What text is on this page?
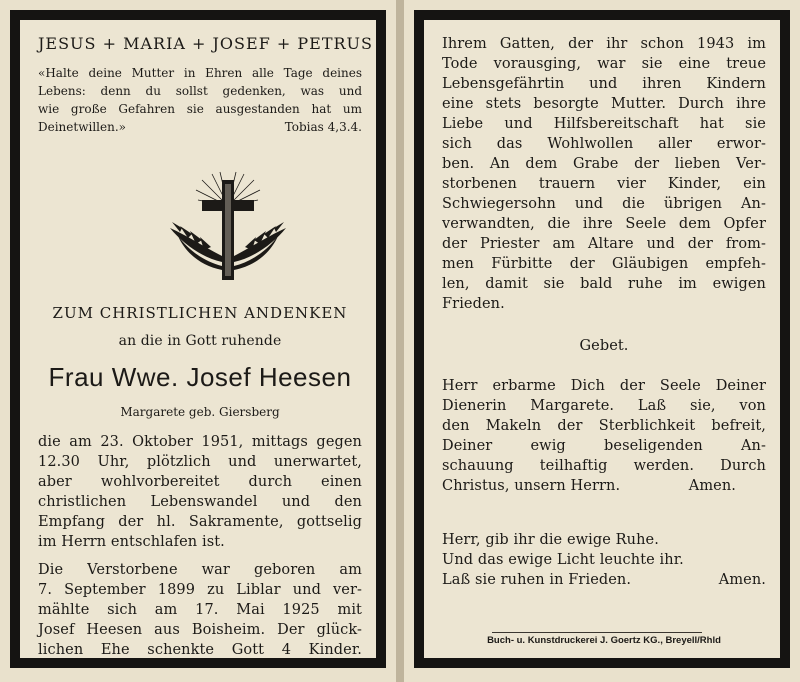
JESUS + MARIA + JOSEF + PETRUS
«Halte deine Mutter in Ehren alle Tage deines
Lebens: denn du sollst gedenken, was und
wie große Gefahren sie ausgestanden hat um
Deinetwillen.»	Tobias 4,3.4.
ZUM CHRISTLICHEN ANDENKEN
an die in Gott ruhende
Frau Wwe. Josef Heesen
Margarete geb. Giersberg
die am 23. Oktober 1951, mittags gegen
12.30 Uhr, plötzlich und unerwartet,
aber wohlvorbereitet durch einen
christlichen Lebenswandel und den
Empfang der hl. Sakramente, gottselig
im Herrn entschlafen ist.
Die Verstorbene war geboren am
7. September 1899 zu Liblar und ver-
mählte sich am 17. Mai 1925 mit
Josef Heesen aus Boisheim. Der glück-
lichen Ehe schenkte Gott 4 Kinder.
Ihrem Gatten, der ihr schon 1943 im
Tode vorausging, war sie eine treue
Lebensgefährtin und ihren Kindern
eine stets besorgte Mutter. Durch ihre
Liebe und Hilfsbereitschaft hat sie
sich das Wohlwollen aller erwor-
ben. An dem Grabe der lieben Ver-
storbenen trauern vier Kinder, ein
Schwiegersohn und die übrigen An-
verwandten, die ihre Seele dem Opfer
der Priester am Altare und der from-
men Fürbitte der Gläubigen empfeh-
len, damit sie bald ruhe im ewigen
Frieden.
Gebet.
Herr erbarme Dich der Seele Deiner
Dienerin Margarete. Laß sie, von
den Makeln der Sterblichkeit befreit,
Deiner ewig beseligenden An-
schauung teilhaftig werden. Durch
Christus, unsern Herrn.	Amen.
Herr, gib ihr die ewige Ruhe.
Und das ewige Licht leuchte ihr.
Laß sie ruhen in Frieden.	Amen.
Buch- u. Kunstdruckerei J. Goertz KG., Breyell/Rhld
